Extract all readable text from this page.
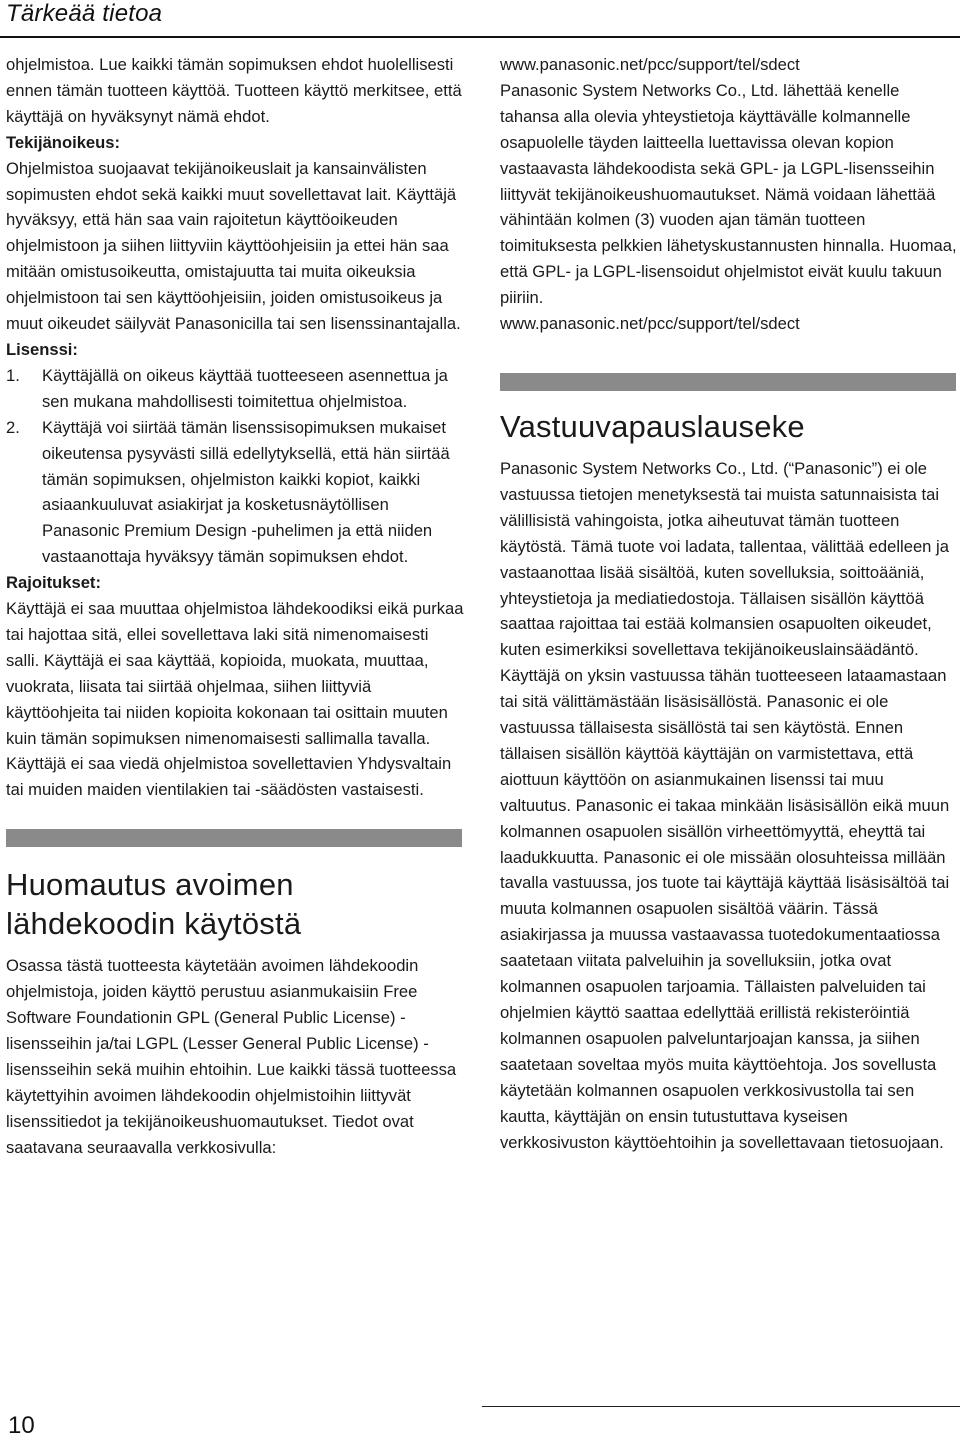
Tärkeää tietoa

ohjelmistoa. Lue kaikki tämän sopimuksen ehdot huolellisesti ennen tämän tuotteen käyttöä. Tuotteen käyttö merkitsee, että käyttäjä on hyväksynyt nämä ehdot.

Tekijänoikeus:

Ohjelmistoa suojaavat tekijänoikeuslait ja kansainvälisten sopimusten ehdot sekä kaikki muut sovellettavat lait. Käyttäjä hyväksyy, että hän saa vain rajoitetun käyttöoikeuden ohjelmistoon ja siihen liittyviin käyttöohjeisiin ja ettei hän saa mitään omistusoikeutta, omistajuutta tai muita oikeuksia ohjelmistoon tai sen käyttöohjeisiin, joiden omistusoikeus ja muut oikeudet säilyvät Panasonicilla tai sen lisenssinantajalla.

Lisenssi:
1.	Käyttäjällä on oikeus käyttää tuotteeseen asennettua ja sen mukana mahdollisesti toimitettua ohjelmistoa.
2.	Käyttäjä voi siirtää tämän lisenssisopimuksen mukaiset oikeutensa pysyvästi sillä edellytyksellä, että hän siirtää tämän sopimuksen, ohjelmiston kaikki kopiot, kaikki asiaankuuluvat asiakirjat ja kosketusnäytöllisen Panasonic Premium Design -puhelimen ja että niiden vastaanottaja hyväksyy tämän sopimuksen ehdot.
Rajoitukset:

Käyttäjä ei saa muuttaa ohjelmistoa lähdekoodiksi eikä purkaa tai hajottaa sitä, ellei sovellettava laki sitä nimenomaisesti salli. Käyttäjä ei saa käyttää, kopioida, muokata, muuttaa, vuokrata, liisata tai siirtää ohjelmaa, siihen liittyviä käyttöohjeita tai niiden kopioita kokonaan tai osittain muuten kuin tämän sopimuksen nimenomaisesti sallimalla tavalla. Käyttäjä ei saa viedä ohjelmistoa sovellettavien Yhdysvaltain tai muiden maiden vientilakien tai -säädösten vastaisesti.

Huomautus avoimen lähdekoodin käytöstä

Osassa tästä tuotteesta käytetään avoimen lähdekoodin ohjelmistoja, joiden käyttö perustuu asianmukaisiin Free Software Foundationin GPL (General Public License) -lisensseihin ja/tai LGPL (Lesser General Public License) -lisensseihin sekä muihin ehtoihin. Lue kaikki tässä tuotteessa käytettyihin avoimen lähdekoodin ohjelmistoihin liittyvät lisenssitiedot ja tekijänoikeushuomautukset. Tiedot ovat saatavana seuraavalla verkkosivulla:

www.panasonic.net/pcc/support/tel/sdect

Panasonic System Networks Co., Ltd. lähettää kenelle tahansa alla olevia yhteystietoja käyttävälle kolmannelle osapuolelle täyden laitteella luettavissa olevan kopion vastaavasta lähdekoodista sekä GPL- ja LGPL-lisensseihin liittyvät tekijänoikeushuomautukset. Nämä voidaan lähettää vähintään kolmen (3) vuoden ajan tämän tuotteen toimituksesta pelkkien lähetyskustannusten hinnalla. Huomaa, että GPL- ja LGPL-lisensoidut ohjelmistot eivät kuulu takuun piiriin.

www.panasonic.net/pcc/support/tel/sdect

Vastuuvapauslauseke

Panasonic System Networks Co., Ltd. (“Panasonic”) ei ole vastuussa tietojen menetyksestä tai muista satunnaisista tai välillisistä vahingoista, jotka aiheutuvat tämän tuotteen käytöstä. Tämä tuote voi ladata, tallentaa, välittää edelleen ja vastaanottaa lisää sisältöä, kuten sovelluksia, soittoääniä, yhteystietoja ja mediatiedostoja. Tällaisen sisällön käyttöä saattaa rajoittaa tai estää kolmansien osapuolten oikeudet, kuten esimerkiksi sovellettava tekijänoikeuslainsäädäntö. Käyttäjä on yksin vastuussa tähän tuotteeseen lataamastaan tai sitä välittämästään lisäsisällöstä. Panasonic ei ole vastuussa tällaisesta sisällöstä tai sen käytöstä. Ennen tällaisen sisällön käyttöä käyttäjän on varmistettava, että aiottuun käyttöön on asianmukainen lisenssi tai muu valtuutus. Panasonic ei takaa minkään lisäsisällön eikä muun kolmannen osapuolen sisällön virheettömyyttä, eheyttä tai laadukkuutta. Panasonic ei ole missään olosuhteissa millään tavalla vastuussa, jos tuote tai käyttäjä käyttää lisäsisältöä tai muuta kolmannen osapuolen sisältöä väärin. Tässä asiakirjassa ja muussa vastaavassa tuotedokumentaatiossa saatetaan viitata palveluihin ja sovelluksiin, jotka ovat kolmannen osapuolen tarjoamia. Tällaisten palveluiden tai ohjelmien käyttö saattaa edellyttää erillistä rekisteröintiä kolmannen osapuolen palveluntarjoajan kanssa, ja siihen saatetaan soveltaa myös muita käyttöehtoja. Jos sovellusta käytetään kolmannen osapuolen verkkosivustolla tai sen kautta, käyttäjän on ensin tutustuttava kyseisen verkkosivuston käyttöehtoihin ja sovellettavaan tietosuojaan.

10
